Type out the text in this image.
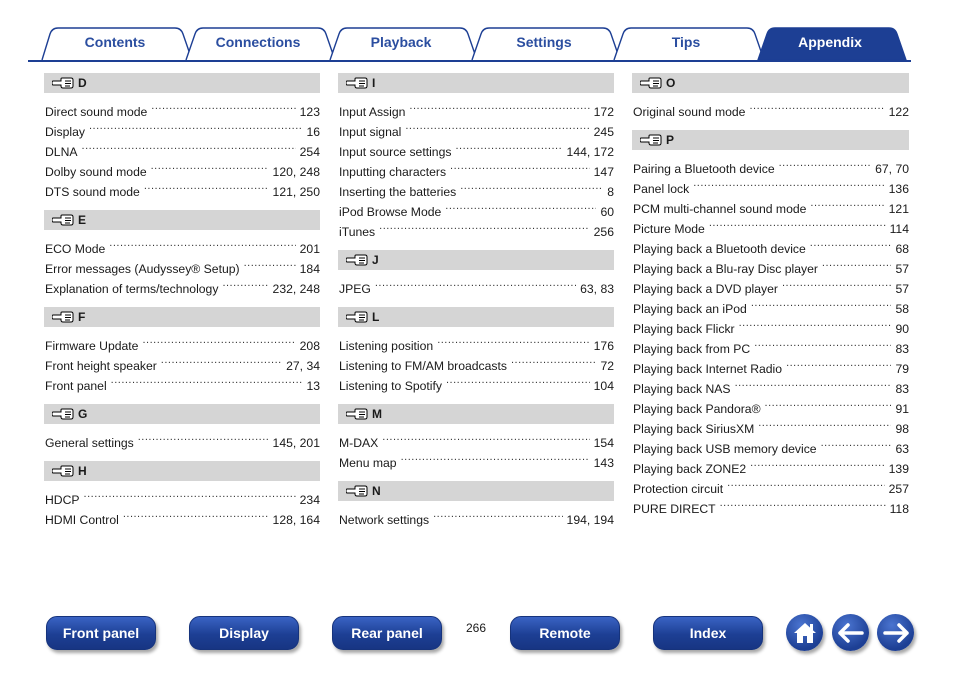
Contents	Connections	Playback	Settings	Tips	Appendix
D
Direct sound mode .....	123
Display .....	16
DLNA .....	254
Dolby sound mode .....	120, 248
DTS sound mode .....	121, 250
E
ECO Mode .....	201
Error messages (Audyssey® Setup) .....	184
Explanation of terms/technology .....	232, 248
F
Firmware Update .....	208
Front height speaker .....	27, 34
Front panel .....	13
G
General settings .....	145, 201
H
HDCP .....	234
HDMI Control .....	128, 164
I
Input Assign .....	172
Input signal .....	245
Input source settings .....	144, 172
Inputting characters .....	147
Inserting the batteries .....	8
iPod Browse Mode .....	60
iTunes .....	256
J
JPEG .....	63, 83
L
Listening position .....	176
Listening to FM/AM broadcasts .....	72
Listening to Spotify .....	104
M
M-DAX .....	154
Menu map .....	143
N
Network settings .....	194, 194
O
Original sound mode .....	122
P
Pairing a Bluetooth device .....	67, 70
Panel lock .....	136
PCM multi-channel sound mode .....	121
Picture Mode .....	114
Playing back a Bluetooth device .....	68
Playing back a Blu-ray Disc player .....	57
Playing back a DVD player .....	57
Playing back an iPod .....	58
Playing back Flickr .....	90
Playing back from PC .....	83
Playing back Internet Radio .....	79
Playing back NAS .....	83
Playing back Pandora® .....	91
Playing back SiriusXM .....	98
Playing back USB memory device .....	63
Playing back ZONE2 .....	139
Protection circuit .....	257
PURE DIRECT .....	118
Front panel	Display	Rear panel	266	Remote	Index
